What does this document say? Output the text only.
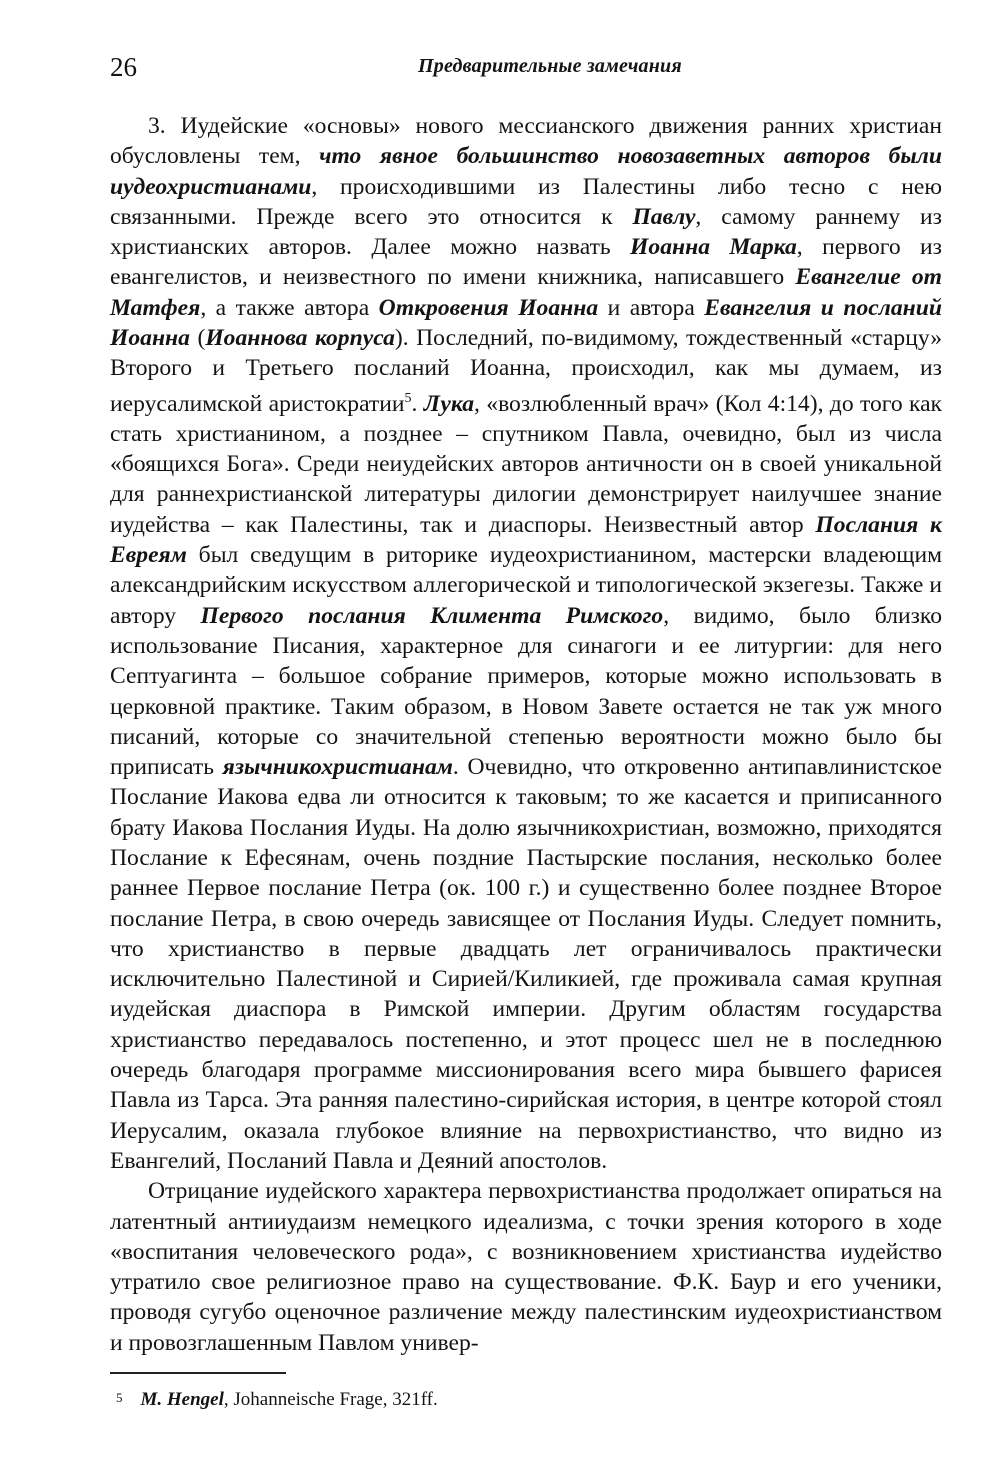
26	Предварительные замечания

3. Иудейские «основы» нового мессианского движения ранних христиан обусловлены тем, что явное большинство новозаветных авторов были иудеохристианами, происходившими из Палестины либо тесно с нею связанными. Прежде всего это относится к Павлу, самому раннему из христианских авторов. Далее можно назвать Иоанна Марка, первого из евангелистов, и неизвестного по имени книжника, написавшего Евангелие от Матфея, а также автора Откровения Иоанна и автора Евангелия и посланий Иоанна (Иоаннова корпуса). Последний, по-видимому, тождественный «старцу» Второго и Третьего посланий Иоанна, происходил, как мы думаем, из иерусалимской аристократии$^5$. Лука, «возлюбленный врач» (Кол 4:14), до того как стать христианином, а позднее – спутником Павла, очевидно, был из числа «боящихся Бога». Среди неиудейских авторов античности он в своей уникальной для раннехристианской литературы дилогии демонстрирует наилучшее знание иудейства – как Палестины, так и диаспоры. Неизвестный автор Послания к Евреям был сведущим в риторике иудеохристианином, мастерски владеющим александрийским искусством аллегорической и типологической экзегезы. Также и автору Первого послания Климента Римского, видимо, было близко использование Писания, характерное для синагоги и ее литургии: для него Септуагинта – большое собрание примеров, которые можно использовать в церковной практике. Таким образом, в Новом Завете остается не так уж много писаний, которые со значительной степенью вероятности можно было бы приписать язычникохристианам. Очевидно, что откровенно антипавлинистское Послание Иакова едва ли относится к таковым; то же касается и приписанного брату Иакова Послания Иуды. На долю язычникохристиан, возможно, приходятся Послание к Ефесянам, очень поздние Пастырские послания, несколько более раннее Первое послание Петра (ок. 100 г.) и существенно более позднее Второе послание Петра, в свою очередь зависящее от Послания Иуды. Следует помнить, что христианство в первые двадцать лет ограничивалось практически исключительно Палестиной и Сирией/Киликией, где проживала самая крупная иудейская диаспора в Римской империи. Другим областям государства христианство передавалось постепенно, и этот процесс шел не в последнюю очередь благодаря программе миссионирования всего мира бывшего фарисея Павла из Тарса. Эта ранняя палестино-сирийская история, в центре которой стоял Иерусалим, оказала глубокое влияние на первохристианство, что видно из Евангелий, Посланий Павла и Деяний апостолов.

Отрицание иудейского характера первохристианства продолжает опираться на латентный антииудаизм немецкого идеализма, с точки зрения которого в ходе «воспитания человеческого рода», с возникновением христианства иудейство утратило свое религиозное право на существование. Ф.К. Баур и его ученики, проводя сугубо оценочное различение между палестинским иудеохристианством и провозглашенным Павлом универ-

$^5$ M. Hengel, Johanneische Frage, 321ff.
